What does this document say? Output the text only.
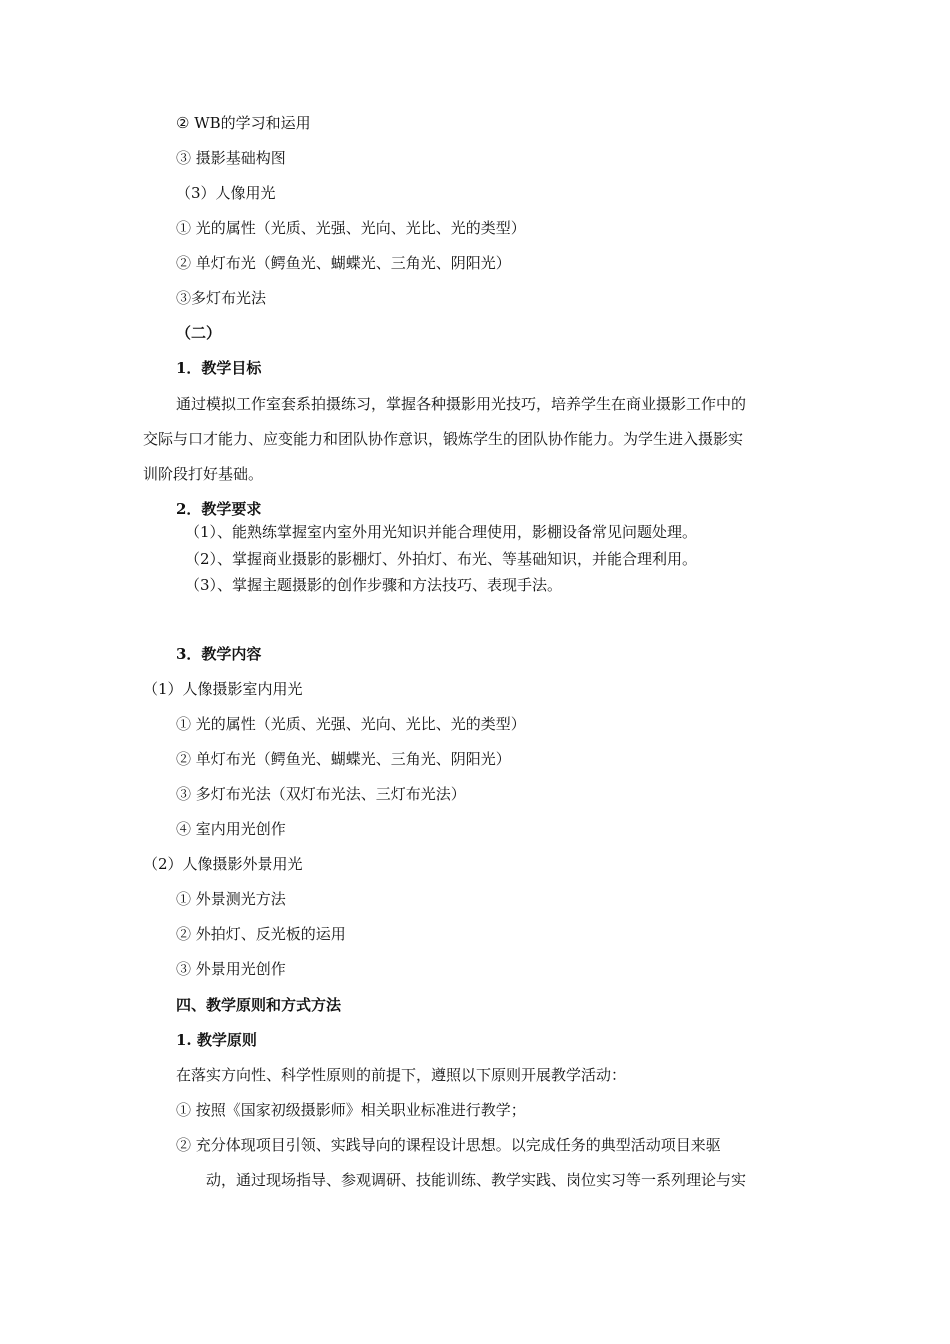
② WB的学习和运用
③ 摄影基础构图
（3）人像用光
① 光的属性（光质、光强、光向、光比、光的类型）
② 单灯布光（鳄鱼光、蝴蝶光、三角光、阴阳光）
③多灯布光法
（二）
1．教学目标
通过模拟工作室套系拍摄练习，掌握各种摄影用光技巧，培养学生在商业摄影工作中的
交际与口才能力、应变能力和团队协作意识，锻炼学生的团队协作能力。为学生进入摄影实
训阶段打好基础。
2．教学要求
（1）、能熟练掌握室内室外用光知识并能合理使用，影棚设备常见问题处理。
（2）、掌握商业摄影的影棚灯、外拍灯、布光、等基础知识，并能合理利用。
（3）、掌握主题摄影的创作步骤和方法技巧、表现手法。
3．教学内容
（1）人像摄影室内用光
① 光的属性（光质、光强、光向、光比、光的类型）
② 单灯布光（鳄鱼光、蝴蝶光、三角光、阴阳光）
③ 多灯布光法（双灯布光法、三灯布光法）
④ 室内用光创作
（2）人像摄影外景用光
① 外景测光方法
② 外拍灯、反光板的运用
③ 外景用光创作
四、教学原则和方式方法
1. 教学原则
在落实方向性、科学性原则的前提下，遵照以下原则开展教学活动：
① 按照《国家初级摄影师》相关职业标准进行教学；
② 充分体现项目引领、实践导向的课程设计思想。以完成任务的典型活动项目来驱
动，通过现场指导、参观调研、技能训练、教学实践、岗位实习等一系列理论与实
